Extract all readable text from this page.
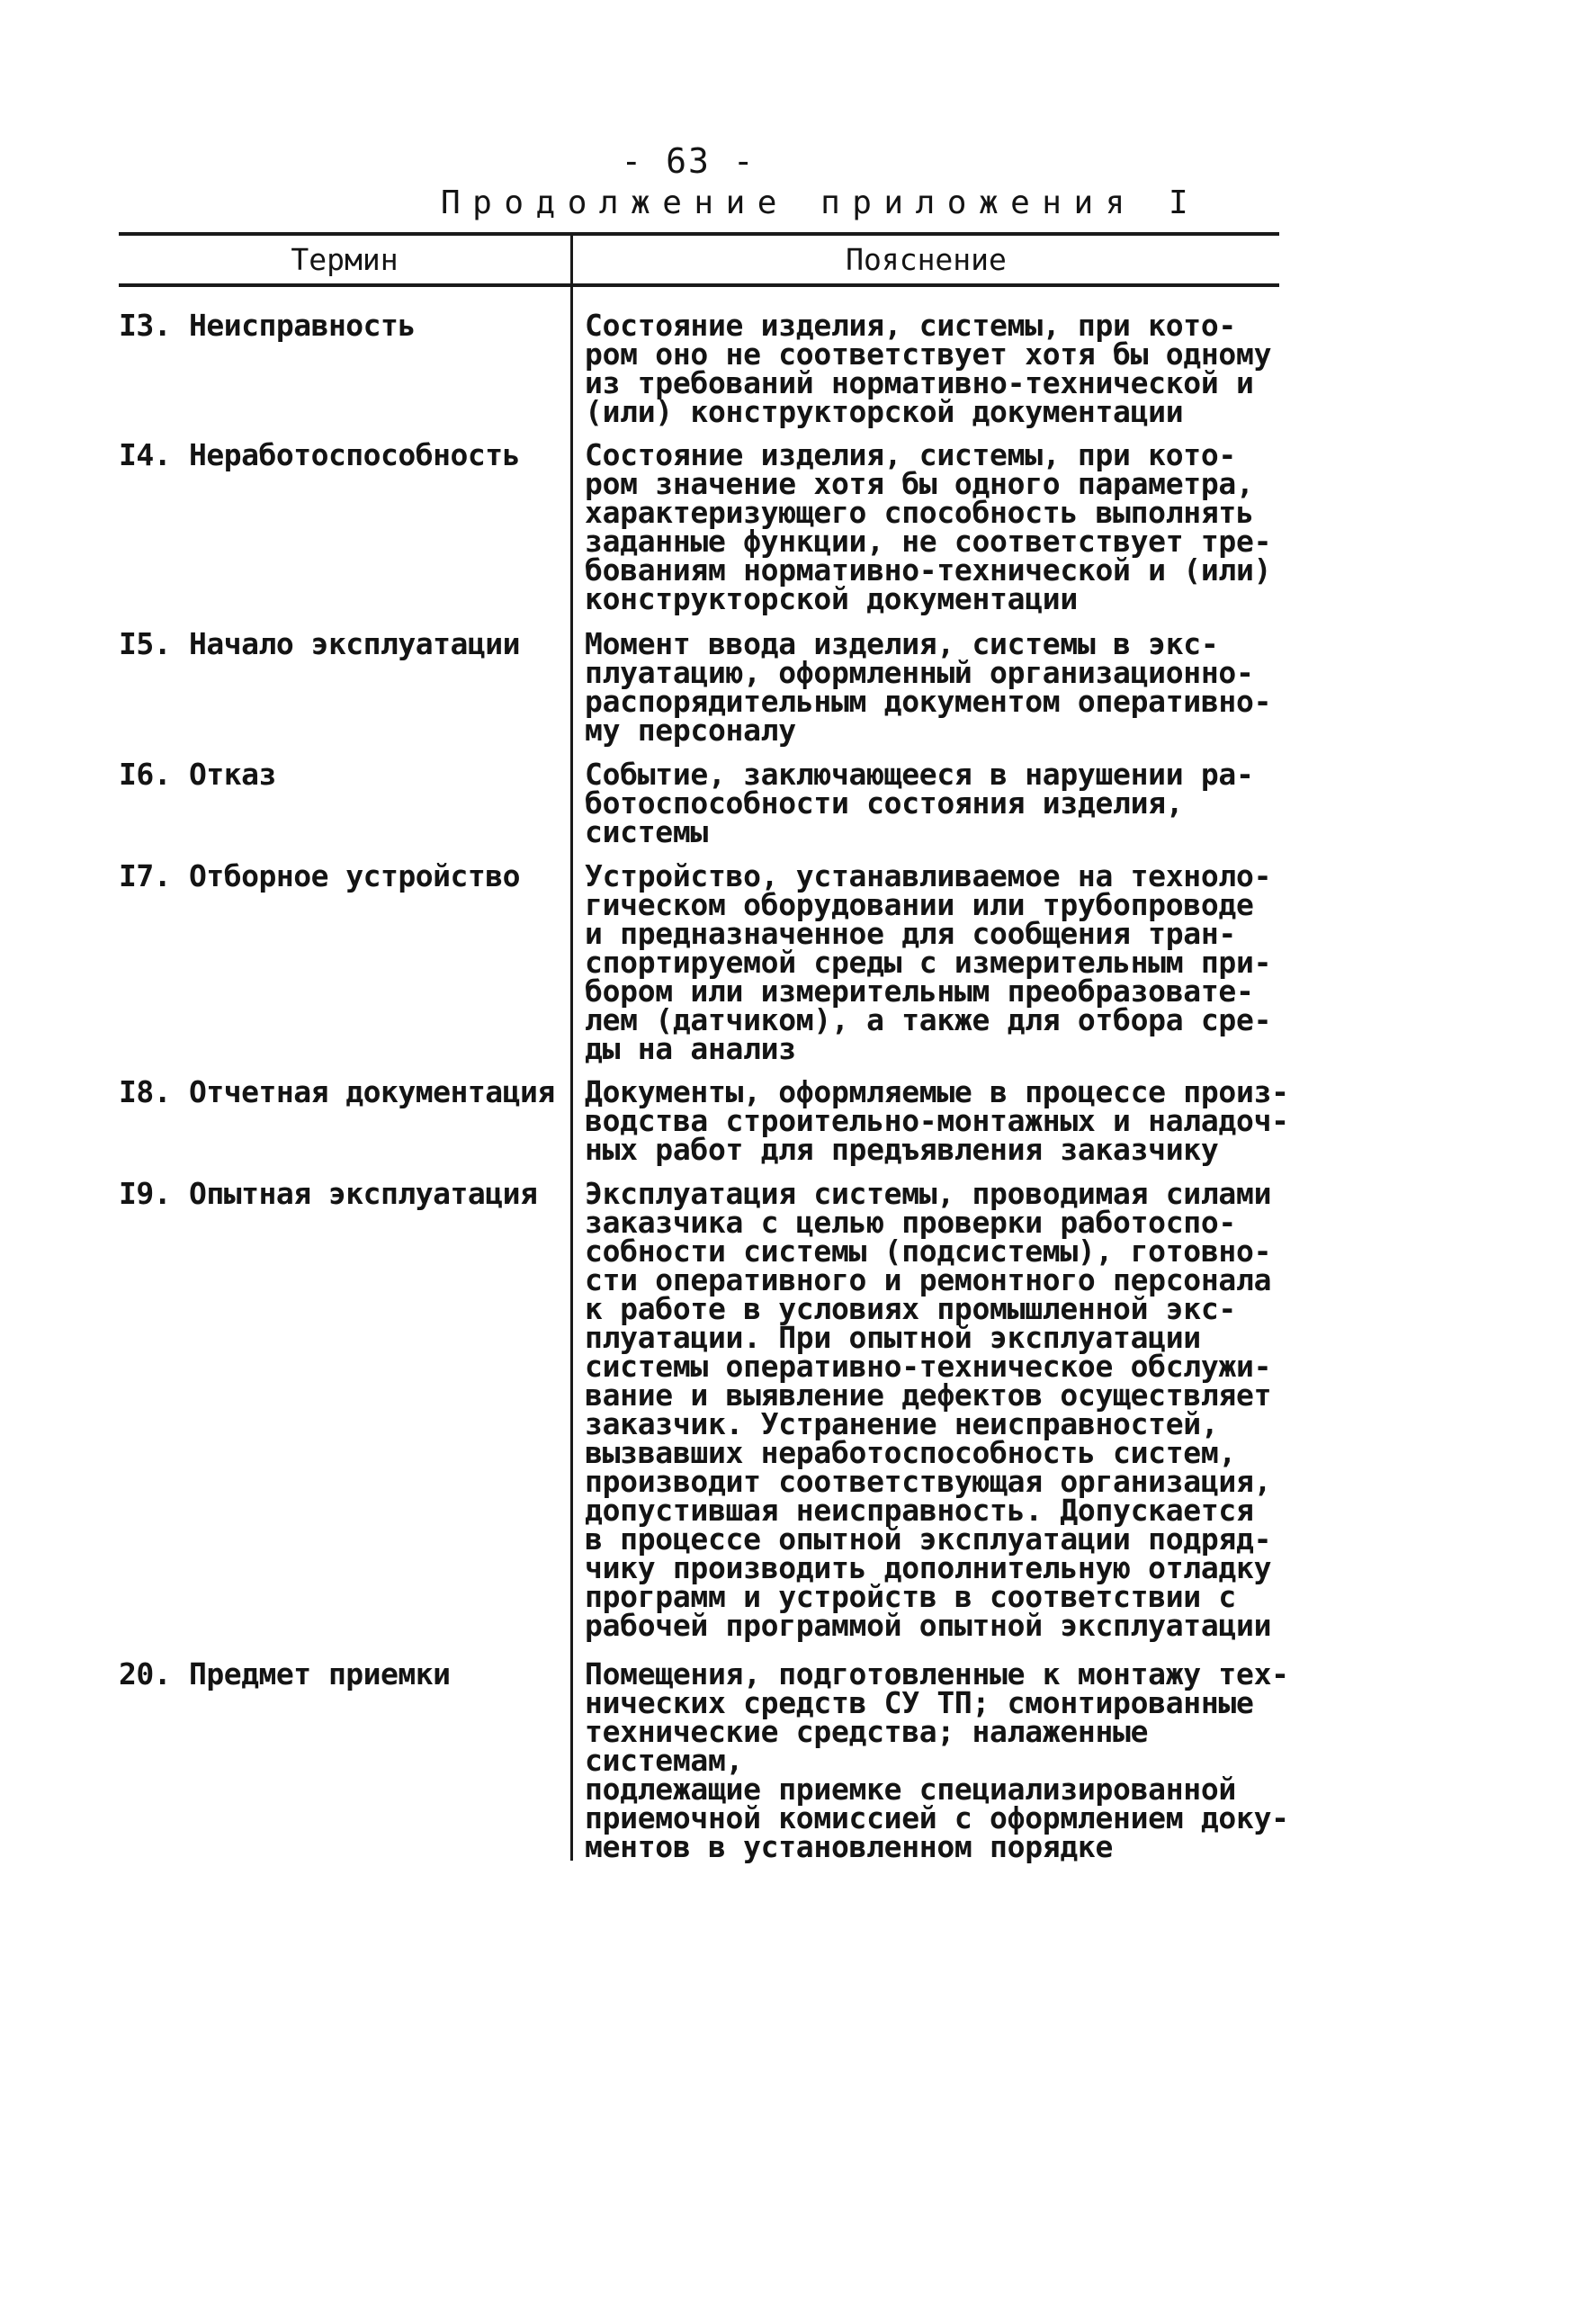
- 63 -
Продолжение приложения I
Термин	Пояснение
I3. Неисправность	Состояние изделия, системы, при кото-
ром оно не соответствует хотя бы одному
из требований нормативно-технической и
(или) конструкторской документации
I4. Неработоспособность	Состояние изделия, системы, при кото-
ром значение хотя бы одного параметра,
характеризующего способность выполнять
заданные функции, не соответствует тре-
бованиям нормативно-технической и (или)
конструкторской документации
I5. Начало эксплуатации	Момент ввода изделия, системы в экс-
плуатацию, оформленный организационно-
распорядительным документом оперативно-
му персоналу
I6. Отказ	Событие, заключающееся в нарушении ра-
ботоспособности состояния изделия,
системы
I7. Отборное устройство	Устройство, устанавливаемое на техноло-
гическом оборудовании или трубопроводе
и предназначенное для сообщения тран-
спортируемой среды с измерительным при-
бором или измерительным преобразовате-
лем (датчиком), а также для отбора сре-
ды на анализ
I8. Отчетная документация	Документы, оформляемые в процессе произ-
водства строительно-монтажных и наладоч-
ных работ для предъявления заказчику
I9. Опытная эксплуатация	Эксплуатация системы, проводимая силами
заказчика с целью проверки работоспо-
собности системы (подсистемы), готовно-
сти оперативного и ремонтного персонала
к работе в условиях промышленной экс-
плуатации. При опытной эксплуатации
системы оперативно-техническое обслужи-
вание и выявление дефектов осуществляет
заказчик. Устранение неисправностей,
вызвавших неработоспособность систем,
производит соответствующая организация,
допустившая неисправность. Допускается
в процессе опытной эксплуатации подряд-
чику производить дополнительную отладку
программ и устройств в соответствии с
рабочей программой опытной эксплуатации
20. Предмет приемки	Помещения, подготовленные к монтажу тех-
нических средств СУ ТП; смонтированные
технические средства; налаженные системам,
подлежащие приемке специализированной
приемочной комиссией с оформлением доку-
ментов в установленном порядке
